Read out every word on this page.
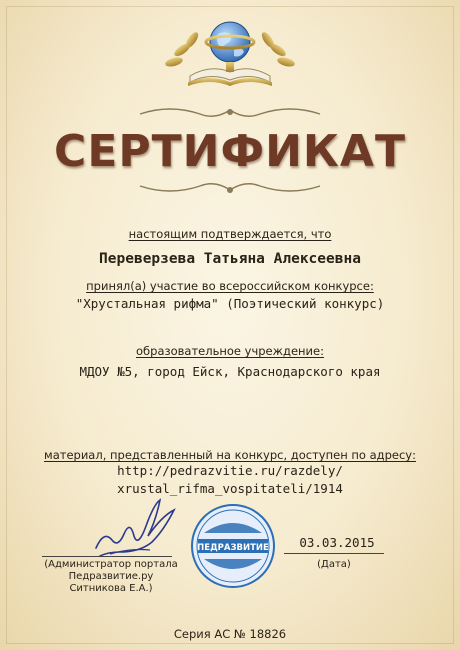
СЕРТИФИКАТ
настоящим подтверждается, что
Переверзева Татьяна Алексеевна
принял(а) участие во всероссийском конкурсе:
"Хрустальная рифма" (Поэтический конкурс)
образовательное учреждение:
МДОУ №5, город Ейск, Краснодарского края
материал, представленный на конкурс, доступен по адресу:
http://pedrazvitie.ru/razdely/
xrustal_rifma_vospitateli/1914
(Администратор портала
Педразвитие.ру
Ситникова Е.А.)
ПЕДРАЗВИТИЕ	03.03.2015
(Дата)
Серия АС № 18826
